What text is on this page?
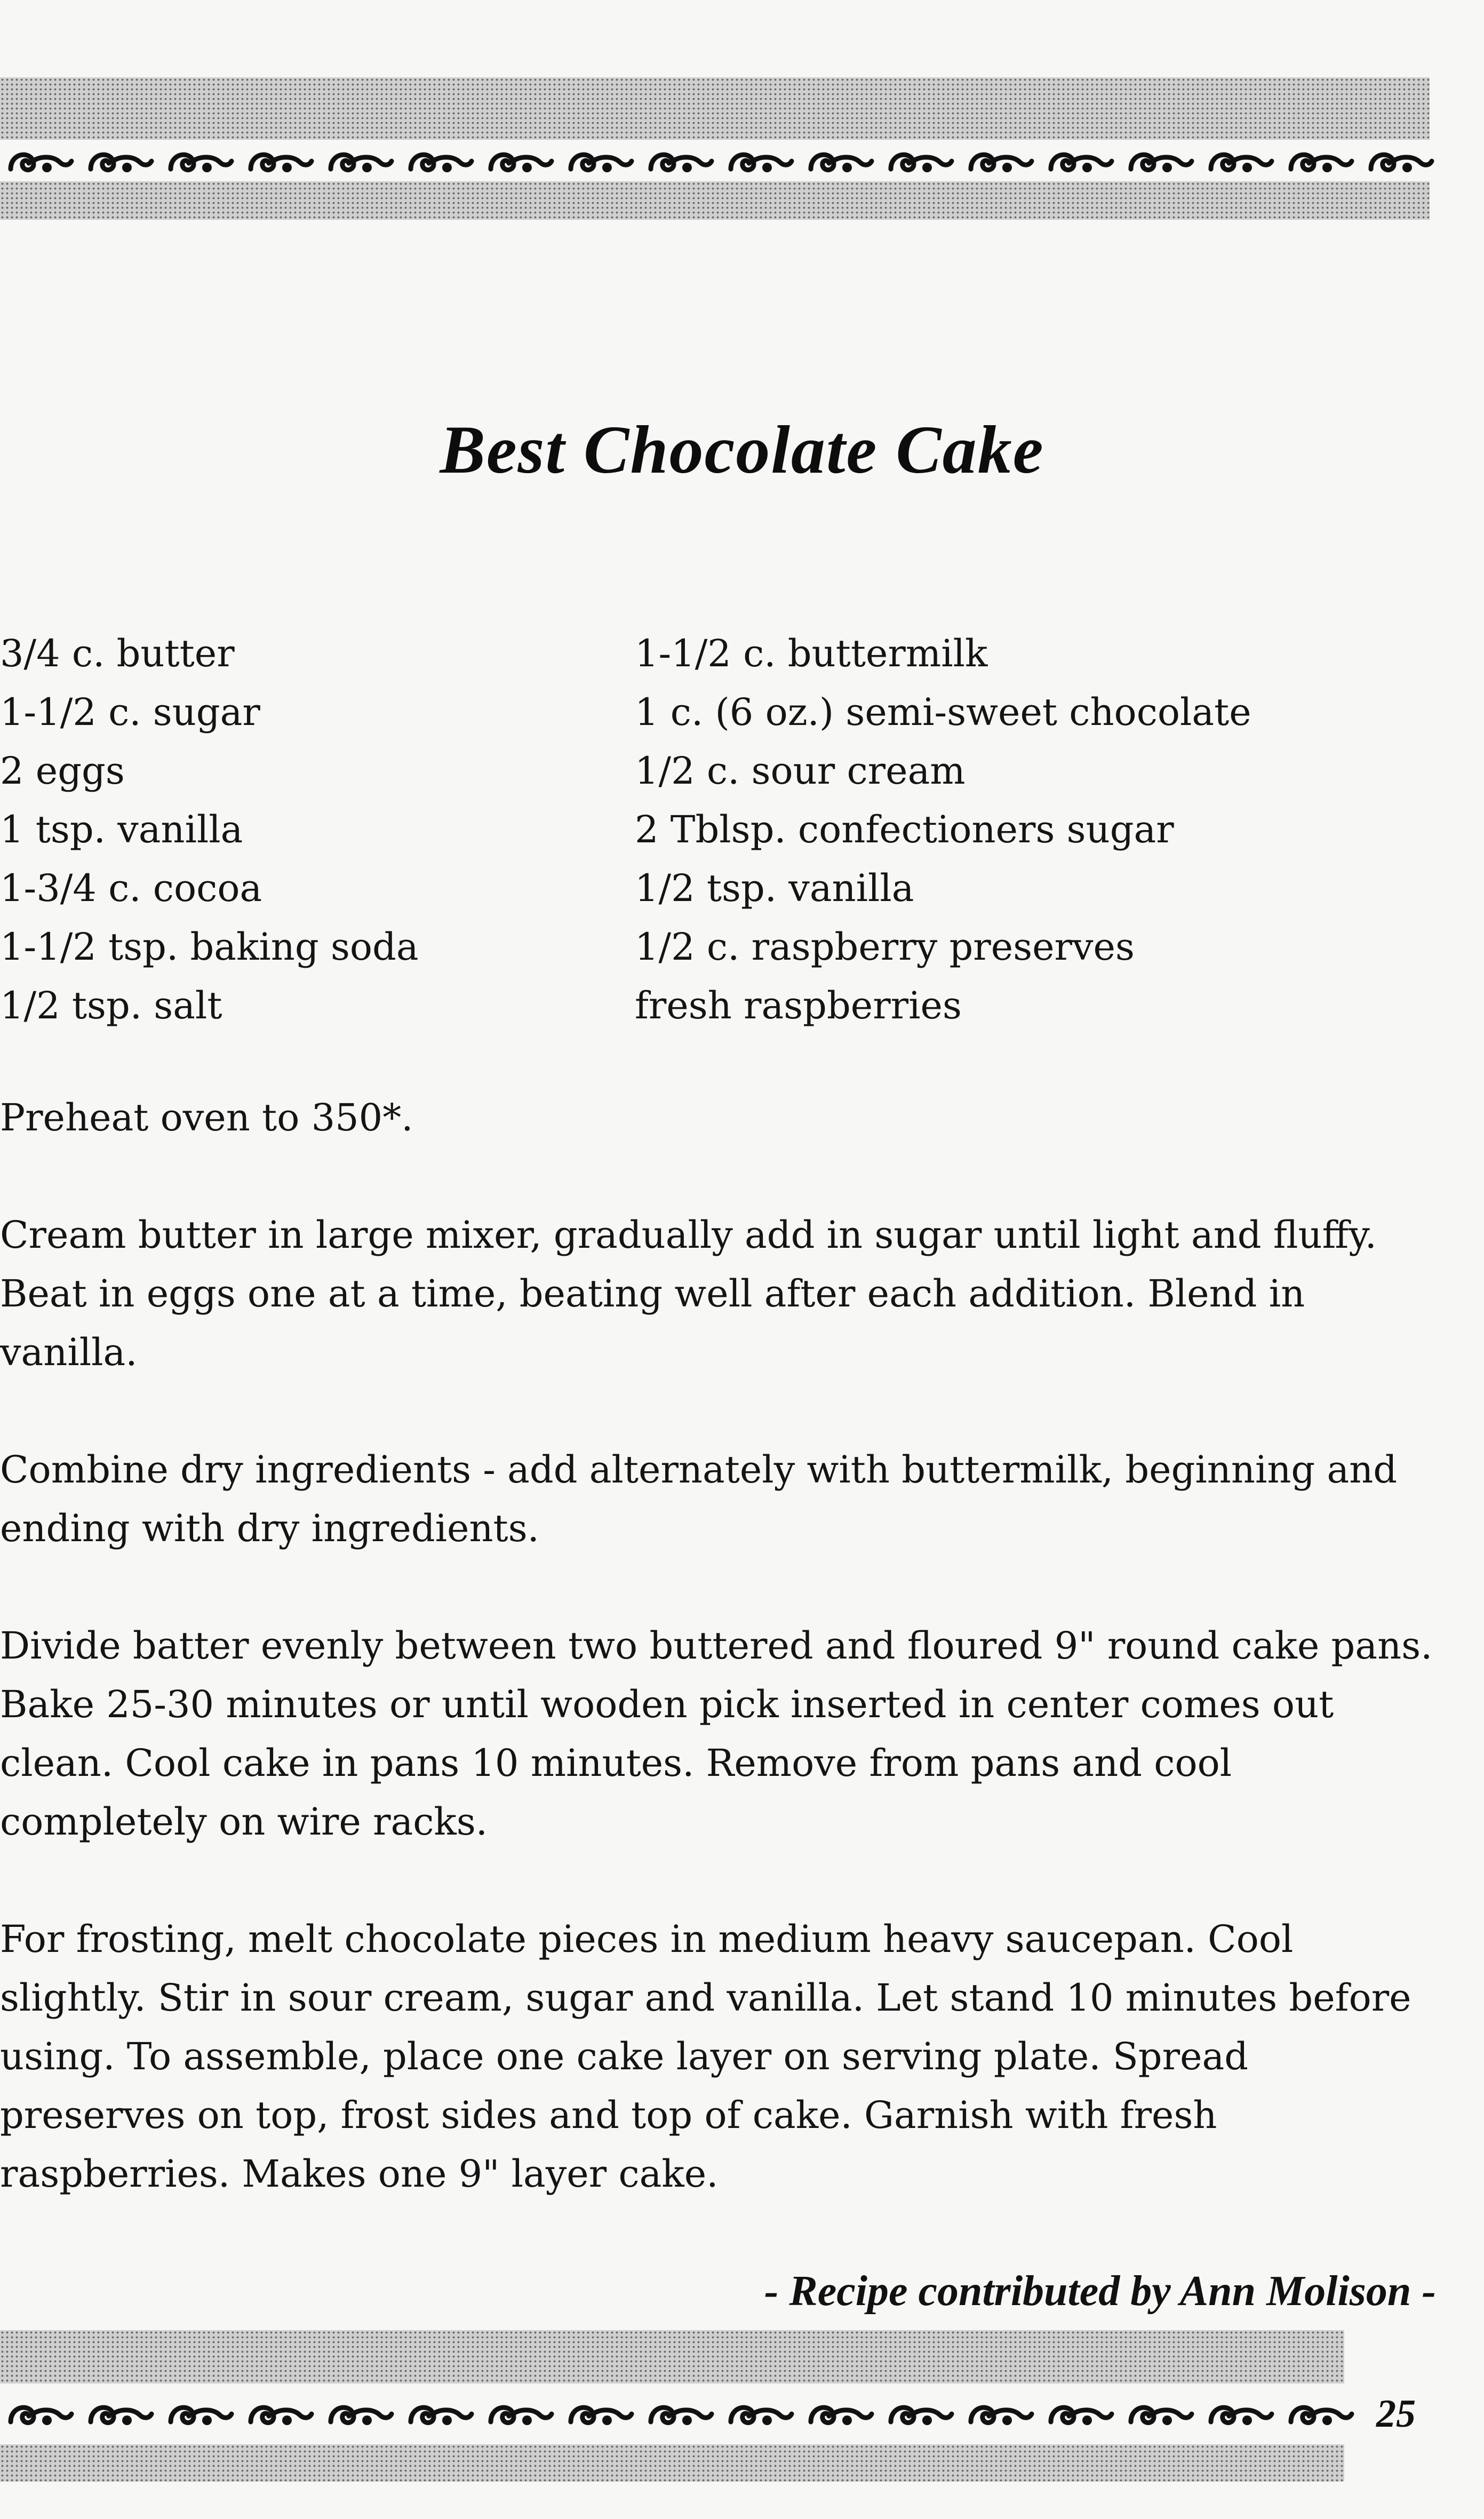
Best Chocolate Cake
3/4 c. butter
1-1/2 c. sugar
2 eggs
1 tsp. vanilla
1-3/4 c. cocoa
1-1/2 tsp. baking soda
1/2 tsp. salt
1-1/2 c. buttermilk
1 c. (6 oz.) semi-sweet chocolate
1/2 c. sour cream
2 Tblsp. confectioners sugar
1/2 tsp. vanilla
1/2 c. raspberry preserves
fresh raspberries

Preheat oven to 350*.

Cream butter in large mixer, gradually add in sugar until light and fluffy. Beat in eggs one at a time, beating well after each addition. Blend in vanilla.

Combine dry ingredients - add alternately with buttermilk, beginning and ending with dry ingredients.

Divide batter evenly between two buttered and floured 9" round cake pans. Bake 25-30 minutes or until wooden pick inserted in center comes out clean. Cool cake in pans 10 minutes. Remove from pans and cool completely on wire racks.

For frosting, melt chocolate pieces in medium heavy saucepan. Cool slightly. Stir in sour cream, sugar and vanilla. Let stand 10 minutes before using. To assemble, place one cake layer on serving plate. Spread preserves on top, frost sides and top of cake. Garnish with fresh raspberries. Makes one 9" layer cake.

- Recipe contributed by Ann Molison -
25
